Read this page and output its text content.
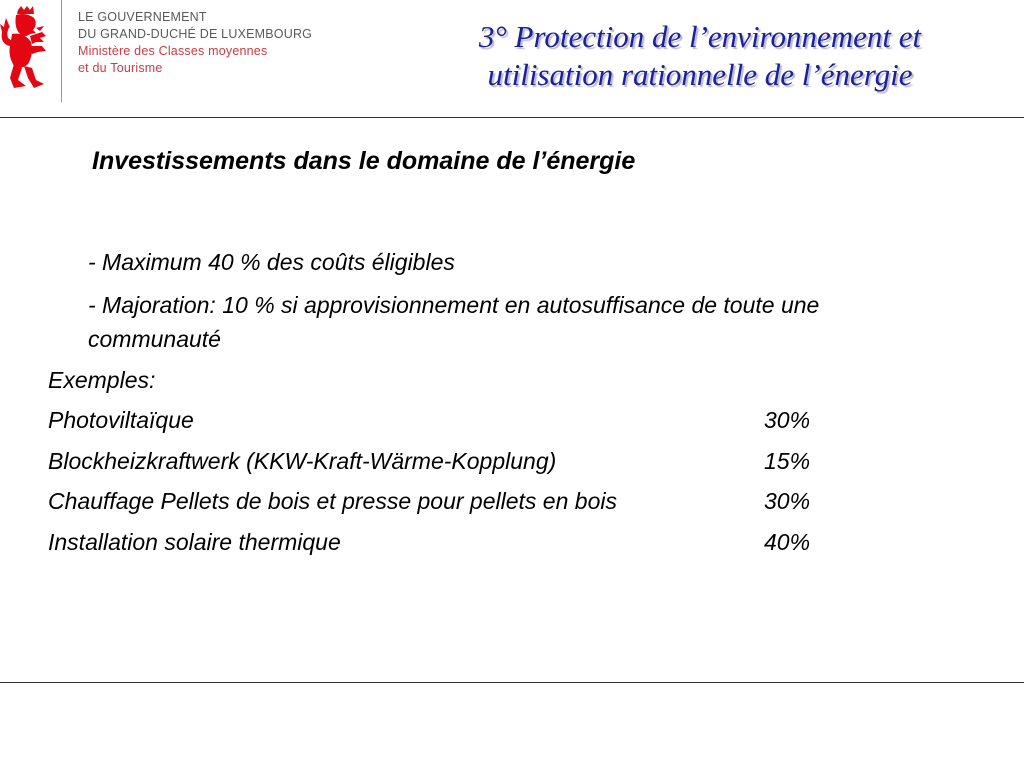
LE GOUVERNEMENT
DU GRAND-DUCHÉ DE LUXEMBOURG
Ministère des Classes moyennes
et du Tourisme
3° Protection de l’environnement et
utilisation rationnelle de l’énergie
Investissements dans le domaine de l’énergie
- Maximum 40 % des coûts éligibles
- Majoration: 10 % si approvisionnement en autosuffisance de toute une communauté
Exemples:
Photoviltaïque	30%
Blockheizkraftwerk (KKW-Kraft-Wärme-Kopplung)	15%
Chauffage Pellets de bois et presse pour pellets en bois	30%
Installation solaire thermique	40%
